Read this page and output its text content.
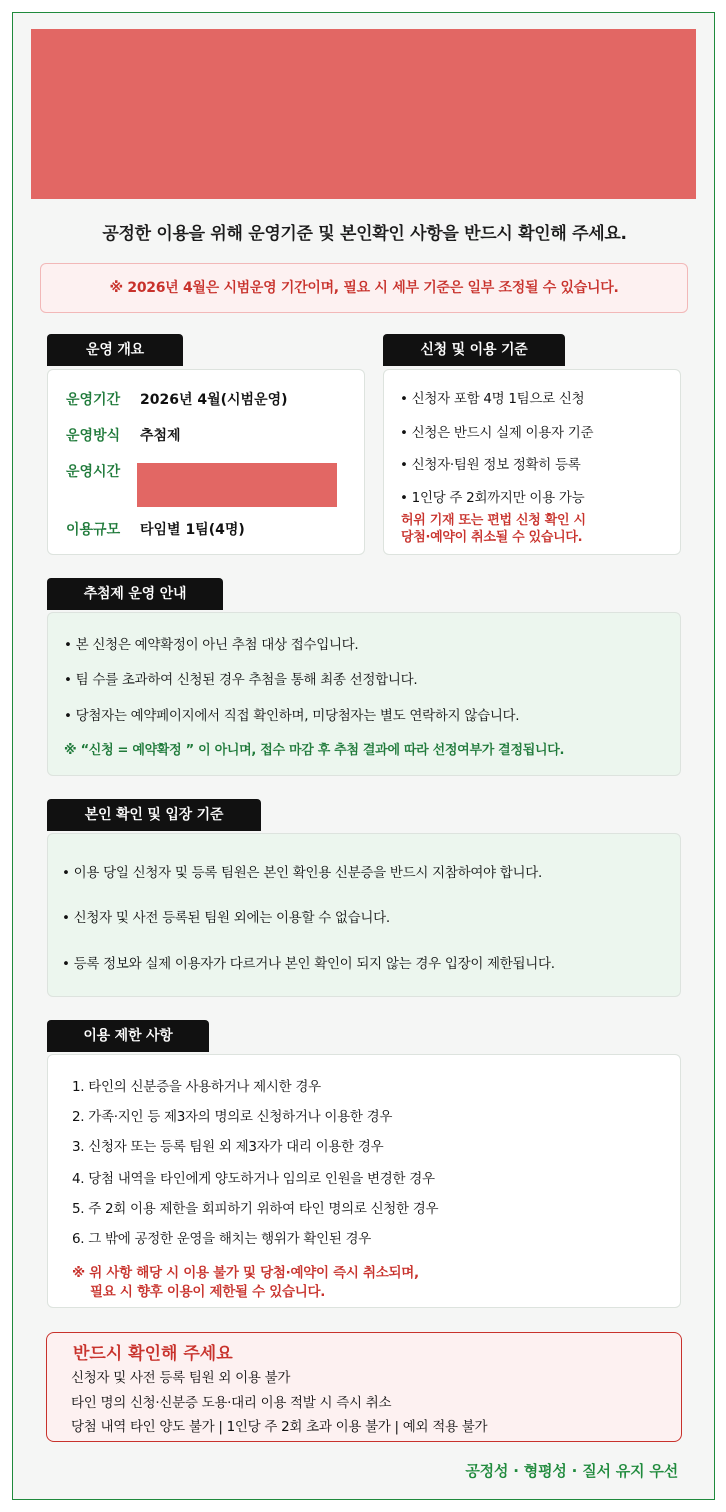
공정한 이용을 위해 운영기준 및 본인확인 사항을 반드시 확인해 주세요.
※ 2026년 4월은 시범운영 기간이며, 필요 시 세부 기준은 일부 조정될 수 있습니다.
운영 개요
운영기간 2026년 4월(시범운영)
운영방식 추첨제
운영시간
이용규모 타임별 1팀(4명)
신청 및 이용 기준
• 신청자 포함 4명 1팀으로 신청
• 신청은 반드시 실제 이용자 기준
• 신청자·팀원 정보 정확히 등록
• 1인당 주 2회까지만 이용 가능
허위 기재 또는 편법 신청 확인 시
당첨·예약이 취소될 수 있습니다.
추첨제 운영 안내
• 본 신청은 예약확정이 아닌 추첨 대상 접수입니다.
• 팀 수를 초과하여 신청된 경우 추첨을 통해 최종 선정합니다.
• 당첨자는 예약페이지에서 직접 확인하며, 미당첨자는 별도 연락하지 않습니다.
※ “신청 = 예약확정 ” 이 아니며, 접수 마감 후 추첨 결과에 따라 선정여부가 결정됩니다.
본인 확인 및 입장 기준
• 이용 당일 신청자 및 등록 팀원은 본인 확인용 신분증을 반드시 지참하여야 합니다.
• 신청자 및 사전 등록된 팀원 외에는 이용할 수 없습니다.
• 등록 정보와 실제 이용자가 다르거나 본인 확인이 되지 않는 경우 입장이 제한됩니다.
이용 제한 사항
1. 타인의 신분증을 사용하거나 제시한 경우
2. 가족·지인 등 제3자의 명의로 신청하거나 이용한 경우
3. 신청자 또는 등록 팀원 외 제3자가 대리 이용한 경우
4. 당첨 내역을 타인에게 양도하거나 임의로 인원을 변경한 경우
5. 주 2회 이용 제한을 회피하기 위하여 타인 명의로 신청한 경우
6. 그 밖에 공정한 운영을 해치는 행위가 확인된 경우
※ 위 사항 해당 시 이용 불가 및 당첨·예약이 즉시 취소되며,
필요 시 향후 이용이 제한될 수 있습니다.
반드시 확인해 주세요
신청자 및 사전 등록 팀원 외 이용 불가
타인 명의 신청·신분증 도용·대리 이용 적발 시 즉시 취소
당첨 내역 타인 양도 불가 | 1인당 주 2회 초과 이용 불가 | 예외 적용 불가
공정성 · 형평성 · 질서 유지 우선
